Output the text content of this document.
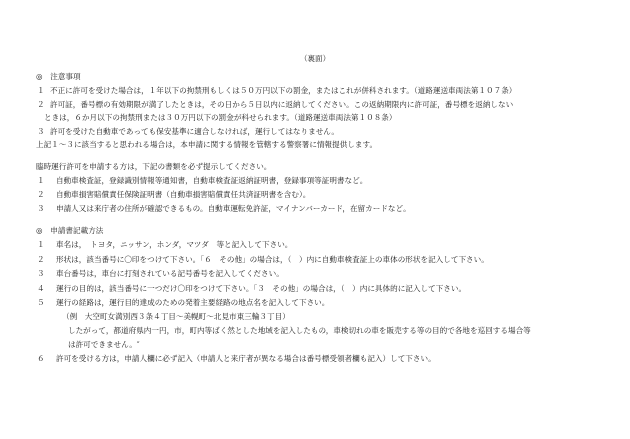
（裏面）
◎　注意事項
１ 不正に許可を受けた場合は，１年以下の拘禁刑もしくは５０万円以下の罰金，またはこれが併科されます。（道路運送車両法第１０７条）
２ 許可証，番号標の有効期限が満了したときは，その日から５日以内に返納してください。この返納期限内に許可証，番号標を返納しない
ときは，６か月以下の拘禁刑または３０万円以下の罰金が科せられます。（道路運送車両法第１０８条）
３ 許可を受けた自動車であっても保安基準に適合しなければ，運行してはなりません。
上記１～３に該当すると思われる場合は，本申請に関する情報を管轄する警察署に情報提供します。
臨時運行許可を申請する方は，下記の書類を必ず提示してください。
１ 自動車検査証，登録識別情報等通知書，自動車検査証返納証明書，登録事項等証明書など。
２ 自動車損害賠償責任保険証明書（自動車損害賠償責任共済証明書を含む）。
３ 申請人又は来庁者の住所が確認できるもの。自動車運転免許証，マイナンバーカード，在留カードなど。
◎　申請書記載方法
１ 車名は，　トヨタ，ニッサン，ホンダ，マツダ　等と記入して下さい。
２ 形状は，該当番号に〇印をつけて下さい。「６　その他」の場合は，（　）内に自動車検査証上の車体の形状を記入して下さい。
３ 車台番号は，車台に打刻されている記号番号を記入してください。
４ 運行の目的は，該当番号に一つだけ〇印をつけて下さい。「３　その他」の場合は，（　）内に具体的に記入して下さい。
５ 運行の経路は，運行目的達成のための発着主要経路の地点名を記入して下さい。
（例　大空町女満別西３条４丁目～美幌町～北見市東三輪３丁目）
したがって，都道府県内一円，市，町内等ばく然とした地域を記入したもの，車検切れの車を販売する等の目的で各地を巡回する場合等
は許可できません。″
６ 許可を受ける方は，申請人欄に必ず記入（申請人と来庁者が異なる場合は番号標受領者欄も記入）して下さい。
